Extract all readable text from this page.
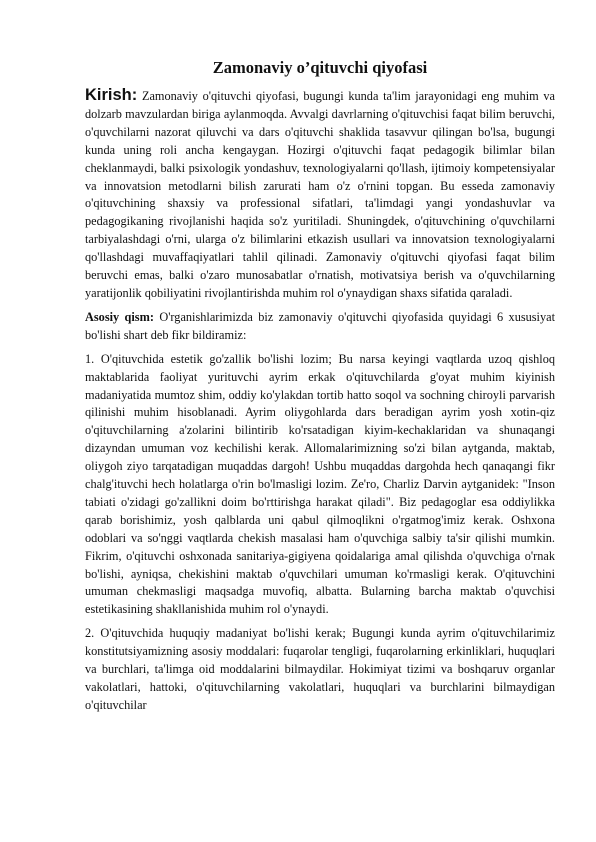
Zamonaviy o’qituvchi qiyofasi

Kirish: Zamonaviy o'qituvchi qiyofasi, bugungi kunda ta'lim jarayonidagi eng muhim va dolzarb mavzulardan biriga aylanmoqda. Avvalgi davrlarning o'qituvchisi faqat bilim beruvchi, o'quvchilarni nazorat qiluvchi va dars o'qituvchi shaklida tasavvur qilingan bo'lsa, bugungi kunda uning roli ancha kengaygan. Hozirgi o'qituvchi faqat pedagogik bilimlar bilan cheklanmaydi, balki psixologik yondashuv, texnologiyalarni qo'llash, ijtimoiy kompetensiyalar va innovatsion metodlarni bilish zarurati ham o'z o'rnini topgan. Bu esseda zamonaviy o'qituvchining shaxsiy va professional sifatlari, ta'limdagi yangi yondashuvlar va pedagogikaning rivojlanishi haqida so'z yuritiladi. Shuningdek, o'qituvchining o'quvchilarni tarbiyalashdagi o'rni, ularga o'z bilimlarini etkazish usullari va innovatsion texnologiyalarni qo'llashdagi muvaffaqiyatlari tahlil qilinadi. Zamonaviy o'qituvchi qiyofasi faqat bilim beruvchi emas, balki o'zaro munosabatlar o'rnatish, motivatsiya berish va o'quvchilarning yaratijonlik qobiliyatini rivojlantirishda muhim rol o'ynaydigan shaxs sifatida qaraladi.

Asosiy qism: O'rganishlarimizda biz zamonaviy o'qituvchi qiyofasida quyidagi 6 xususiyat bo'lishi shart deb fikr bildiramiz:

1. O'qituvchida estetik go'zallik bo'lishi lozim; Bu narsa keyingi vaqtlarda uzoq qishloq maktablarida faoliyat yurituvchi ayrim erkak o'qituvchilarda g'oyat muhim kiyinish madaniyatida mumtoz shim, oddiy ko'ylakdan tortib hatto soqol va sochning chiroyli parvarish qilinishi muhim hisoblanadi. Ayrim oliygohlarda dars beradigan ayrim yosh xotin-qiz o'qituvchilarning a'zolarini bilintirib ko'rsatadigan kiyim-kechaklaridan va shunaqangi dizayndan umuman voz kechilishi kerak. Allomalarimizning so'zi bilan aytganda, maktab, oliygoh ziyo tarqatadigan muqaddas dargoh! Ushbu muqaddas dargohda hech qanaqangi fikr chalg'ituvchi hech holatlarga o'rin bo'lmasligi lozim. Ze'ro, Charliz Darvin aytganidek: "Inson tabiati o'zidagi go'zallikni doim bo'rttirishga harakat qiladi". Biz pedagoglar esa oddiylikka qarab borishimiz, yosh qalblarda uni qabul qilmoqlikni o'rgatmog'imiz kerak. Oshxona odoblari va so'nggi vaqtlarda chekish masalasi ham o'quvchiga salbiy ta'sir qilishi mumkin. Fikrim, o'qituvchi oshxonada sanitariya-gigiyena qoidalariga amal qilishda o'quvchiga o'rnak bo'lishi, ayniqsa, chekishini maktab o'quvchilari umuman ko'rmasligi kerak. O'qituvchini umuman chekmasligi maqsadga muvofiq, albatta. Bularning barcha maktab o'quvchisi estetikasining shakllanishida muhim rol o'ynaydi.

2. O'qituvchida huquqiy madaniyat bo'lishi kerak; Bugungi kunda ayrim o'qituvchilarimiz konstitutsiyamizning asosiy moddalari: fuqarolar tengligi, fuqarolarning erkinliklari, huquqlari va burchlari, ta'limga oid moddalarini bilmaydilar. Hokimiyat tizimi va boshqaruv organlar vakolatlari, hattoki, o'qituvchilarning vakolatlari, huquqlari va burchlarini bilmaydigan o'qituvchilar
